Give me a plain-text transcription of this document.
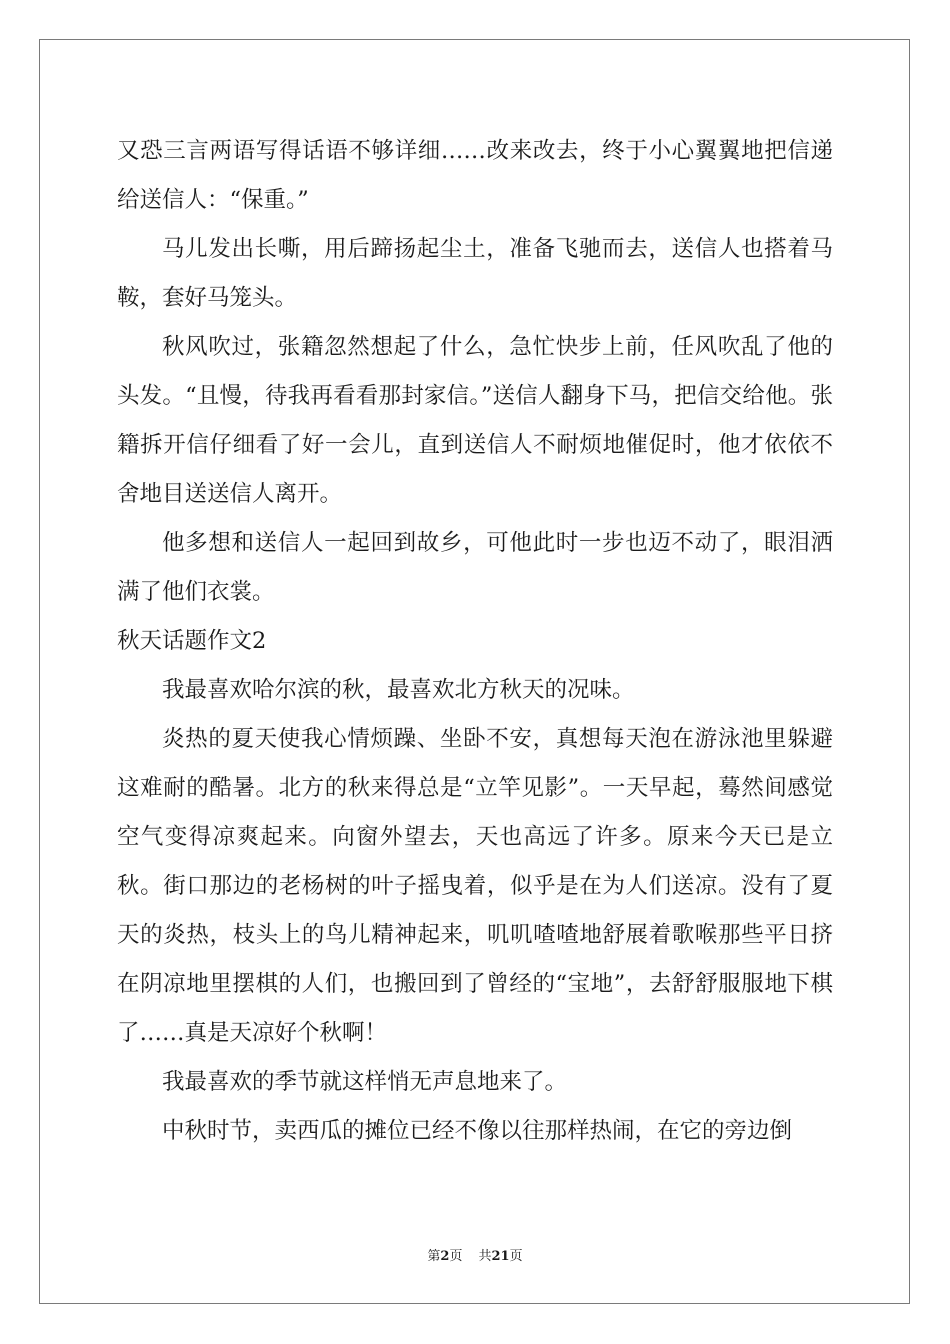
又恐三言两语写得话语不够详细……改来改去，终于小心翼翼地把信递给送信人：“保重。”

马儿发出长嘶，用后蹄扬起尘土，准备飞驰而去，送信人也搭着马鞍，套好马笼头。

秋风吹过，张籍忽然想起了什么，急忙快步上前，任风吹乱了他的头发。“且慢，待我再看看那封家信。”送信人翻身下马，把信交给他。张籍拆开信仔细看了好一会儿，直到送信人不耐烦地催促时，他才依依不舍地目送送信人离开。

他多想和送信人一起回到故乡，可他此时一步也迈不动了，眼泪洒满了他们衣裳。

秋天话题作文2

我最喜欢哈尔滨的秋，最喜欢北方秋天的况味。

炎热的夏天使我心情烦躁、坐卧不安，真想每天泡在游泳池里躲避这难耐的酷暑。北方的秋来得总是“立竿见影”。一天早起，蓦然间感觉空气变得凉爽起来。向窗外望去，天也高远了许多。原来今天已是立秋。街口那边的老杨树的叶子摇曳着，似乎是在为人们送凉。没有了夏天的炎热，枝头上的鸟儿精神起来，叽叽喳喳地舒展着歌喉那些平日挤在阴凉地里摆棋的人们，也搬回到了曾经的“宝地”，去舒舒服服地下棋了……真是天凉好个秋啊！

我最喜欢的季节就这样悄无声息地来了。

中秋时节，卖西瓜的摊位已经不像以往那样热闹，在它的旁边倒

第2页 共21页
